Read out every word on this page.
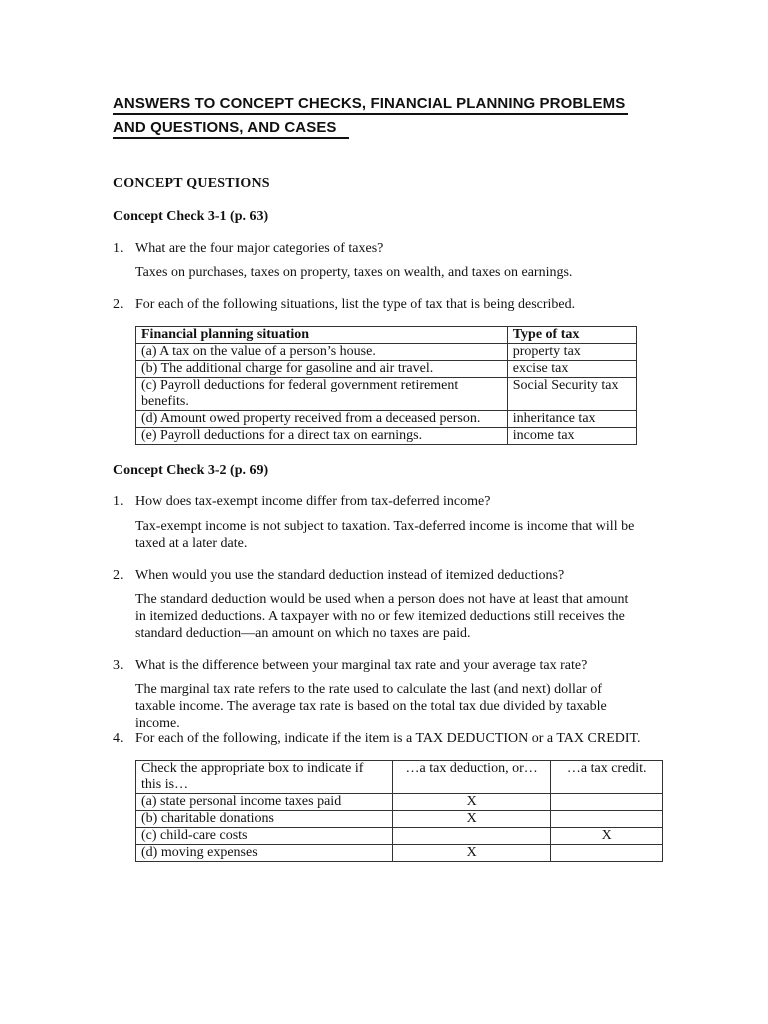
ANSWERS TO CONCEPT CHECKS, FINANCIAL PLANNING PROBLEMS
AND QUESTIONS, AND CASES
CONCEPT QUESTIONS
Concept Check 3-1 (p. 63)
1. What are the four major categories of taxes?
Taxes on purchases, taxes on property, taxes on wealth, and taxes on earnings.
2. For each of the following situations, list the type of tax that is being described.
Financial planning situation	Type of tax
(a) A tax on the value of a person’s house.	property tax
(b) The additional charge for gasoline and air travel.	excise tax
(c) Payroll deductions for federal government retirement benefits.	Social Security tax
(d) Amount owed property received from a deceased person.	inheritance tax
(e) Payroll deductions for a direct tax on earnings.	income tax
Concept Check 3-2 (p. 69)
1. How does tax-exempt income differ from tax-deferred income?
Tax-exempt income is not subject to taxation. Tax-deferred income is income that will be taxed at a later date.
2. When would you use the standard deduction instead of itemized deductions?
The standard deduction would be used when a person does not have at least that amount in itemized deductions. A taxpayer with no or few itemized deductions still receives the standard deduction—an amount on which no taxes are paid.
3. What is the difference between your marginal tax rate and your average tax rate?
The marginal tax rate refers to the rate used to calculate the last (and next) dollar of taxable income. The average tax rate is based on the total tax due divided by taxable income.
4. For each of the following, indicate if the item is a TAX DEDUCTION or a TAX CREDIT.
Check the appropriate box to indicate if this is…	…a tax deduction, or…	…a tax credit.
(a) state personal income taxes paid	X	
(b) charitable donations	X	
(c) child-care costs		X
(d) moving expenses	X	
